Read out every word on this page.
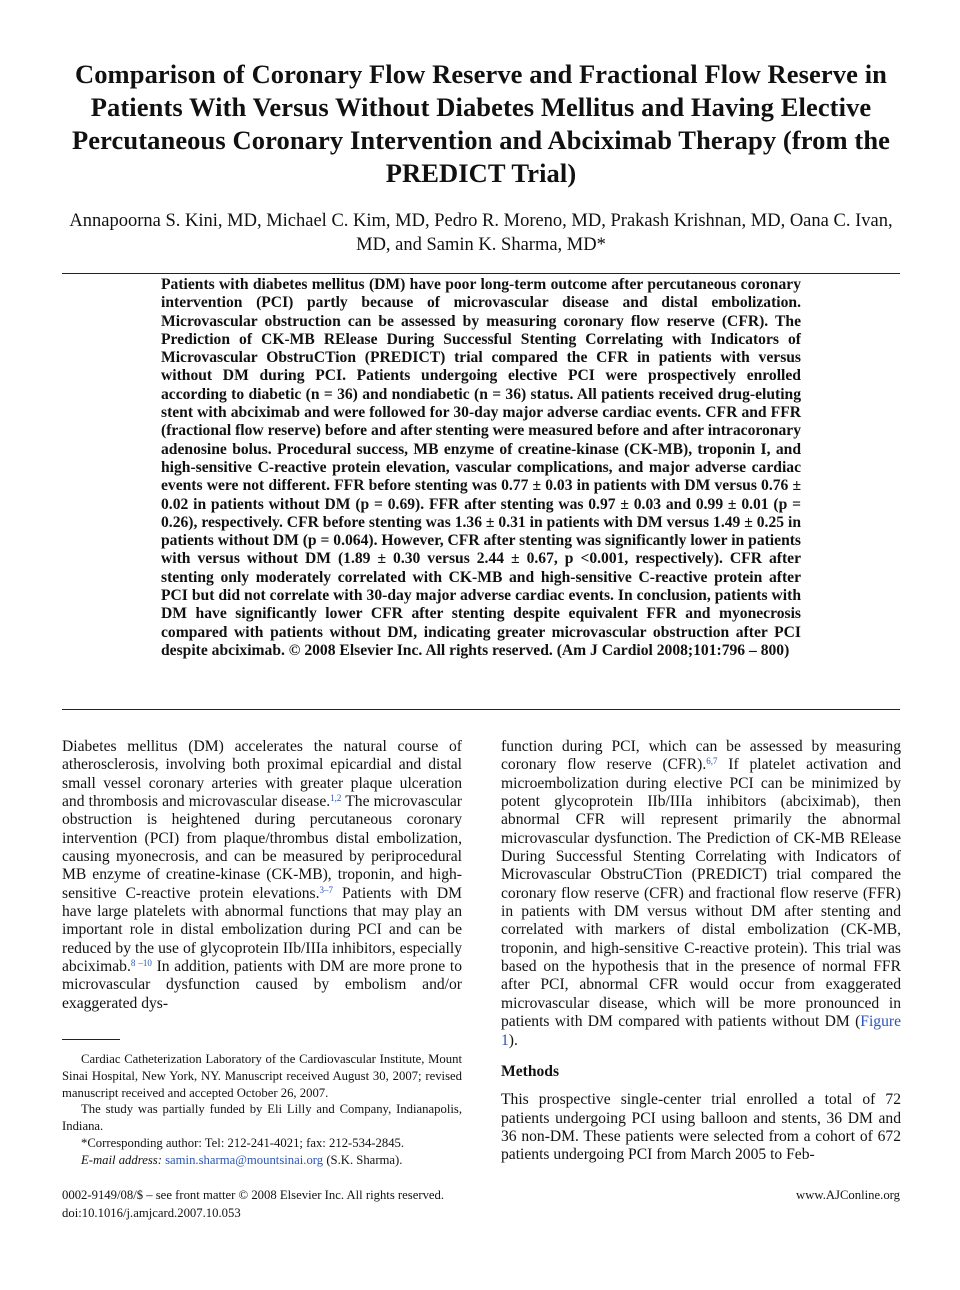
Comparison of Coronary Flow Reserve and Fractional Flow Reserve in Patients With Versus Without Diabetes Mellitus and Having Elective Percutaneous Coronary Intervention and Abciximab Therapy (from the PREDICT Trial)

Annapoorna S. Kini, MD, Michael C. Kim, MD, Pedro R. Moreno, MD, Prakash Krishnan, MD, Oana C. Ivan, MD, and Samin K. Sharma, MD*

Patients with diabetes mellitus (DM) have poor long-term outcome after percutaneous coronary intervention (PCI) partly because of microvascular disease and distal embolization. Microvascular obstruction can be assessed by measuring coronary flow reserve (CFR). The Prediction of CK-MB RElease During Successful Stenting Correlating with Indicators of Microvascular ObstruCTion (PREDICT) trial compared the CFR in patients with versus without DM during PCI. Patients undergoing elective PCI were prospectively enrolled according to diabetic (n = 36) and nondiabetic (n = 36) status. All patients received drug-eluting stent with abciximab and were followed for 30-day major adverse cardiac events. CFR and FFR (fractional flow reserve) before and after stenting were measured before and after intracoronary adenosine bolus. Procedural success, MB enzyme of creatine-kinase (CK-MB), troponin I, and high-sensitive C-reactive protein elevation, vascular complications, and major adverse cardiac events were not different. FFR before stenting was 0.77 ± 0.03 in patients with DM versus 0.76 ± 0.02 in patients without DM (p = 0.69). FFR after stenting was 0.97 ± 0.03 and 0.99 ± 0.01 (p = 0.26), respectively. CFR before stenting was 1.36 ± 0.31 in patients with DM versus 1.49 ± 0.25 in patients without DM (p = 0.064). However, CFR after stenting was significantly lower in patients with versus without DM (1.89 ± 0.30 versus 2.44 ± 0.67, p <0.001, respectively). CFR after stenting only moderately correlated with CK-MB and high-sensitive C-reactive protein after PCI but did not correlate with 30-day major adverse cardiac events. In conclusion, patients with DM have significantly lower CFR after stenting despite equivalent FFR and myonecrosis compared with patients without DM, indicating greater microvascular obstruction after PCI despite abciximab. © 2008 Elsevier Inc. All rights reserved. (Am J Cardiol 2008;101:796 – 800)

Diabetes mellitus (DM) accelerates the natural course of atherosclerosis, involving both proximal epicardial and distal small vessel coronary arteries with greater plaque ulceration and thrombosis and microvascular disease.$^{1,2}$ The microvascular obstruction is heightened during percutaneous coronary intervention (PCI) from plaque/thrombus distal embolization, causing myonecrosis, and can be measured by periprocedural MB enzyme of creatine-kinase (CK-MB), troponin, and high-sensitive C-reactive protein elevations.$^{3-7}$ Patients with DM have large platelets with abnormal functions that may play an important role in distal embolization during PCI and can be reduced by the use of glycoprotein IIb/IIIa inhibitors, especially abciximab.$^{8 -10}$ In addition, patients with DM are more prone to microvascular dysfunction caused by embolism and/or exaggerated dys-

function during PCI, which can be assessed by measuring coronary flow reserve (CFR).$^{6,7}$ If platelet activation and microembolization during elective PCI can be minimized by potent glycoprotein IIb/IIIa inhibitors (abciximab), then abnormal CFR will represent primarily the abnormal microvascular dysfunction. The Prediction of CK-MB RElease During Successful Stenting Correlating with Indicators of Microvascular ObstruCTion (PREDICT) trial compared the coronary flow reserve (CFR) and fractional flow reserve (FFR) in patients with DM versus without DM after stenting and correlated with markers of distal embolization (CK-MB, troponin, and high-sensitive C-reactive protein). This trial was based on the hypothesis that in the presence of normal FFR after PCI, abnormal CFR would occur from exaggerated microvascular disease, which will be more pronounced in patients with DM compared with patients without DM (Figure 1).

Methods

This prospective single-center trial enrolled a total of 72 patients undergoing PCI using balloon and stents, 36 DM and 36 non-DM. These patients were selected from a cohort of 672 patients undergoing PCI from March 2005 to Feb-

Cardiac Catheterization Laboratory of the Cardiovascular Institute, Mount Sinai Hospital, New York, NY. Manuscript received August 30, 2007; revised manuscript received and accepted October 26, 2007.

The study was partially funded by Eli Lilly and Company, Indianapolis, Indiana.

*Corresponding author: Tel: 212-241-4021; fax: 212-534-2845.

E-mail address: samin.sharma@mountsinai.org (S.K. Sharma).

0002-9149/08/$ – see front matter © 2008 Elsevier Inc. All rights reserved.
doi:10.1016/j.amjcard.2007.10.053
www.AJConline.org
